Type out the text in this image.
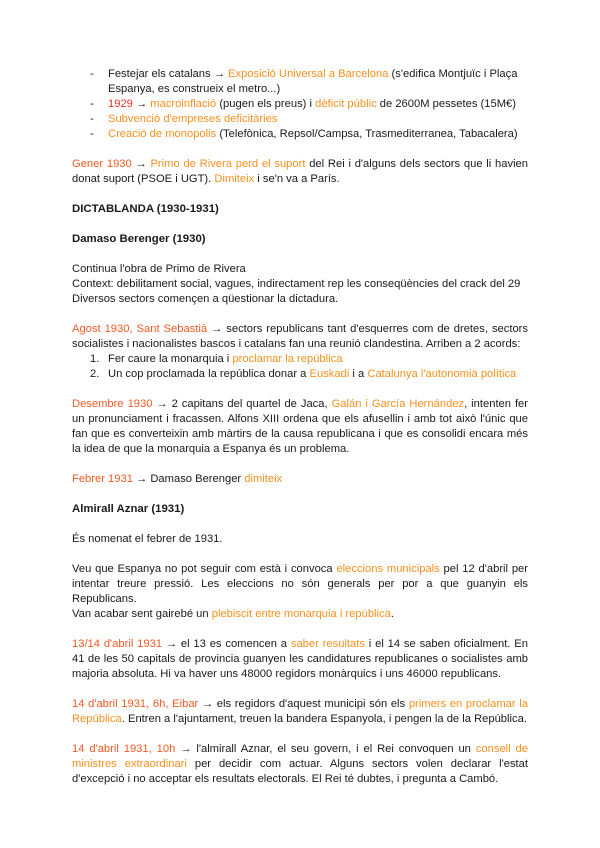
- Festejar els catalans → Exposició Universal a Barcelona (s'edifica Montjuïc i Plaça Espanya, es construeix el metro...)
- 1929 → macroinflació (pugen els preus) i dèficit públic de 2600M pessetes (15M€)
- Subvenció d'empreses deficitàries
- Creació de monopolis (Telefònica, Repsol/Campsa, Trasmediterranea, Tabacalera)

Gener 1930 → Primo de Rivera perd el suport del Rei i d'alguns dels sectors que li havien donat suport (PSOE i UGT). Dimiteix i se'n va a París.

DICTABLANDA (1930-1931)
Damaso Berenger (1930)

Continua l'obra de Primo de Rivera

Context: debilitament social, vagues, indirectament rep les conseqüències del crack del 29

Diversos sectors començen a qüestionar la dictadura.

Agost 1930, Sant Sebastià → sectors republicans tant d'esquerres com de dretes, sectors socialistes i nacionalistes bascos i catalans fan una reunió clandestina. Arriben a 2 acords:

1. Fer caure la monarquia i proclamar la república
2. Un cop proclamada la república donar a Euskadi i a Catalunya l'autonomia política

Desembre 1930 → 2 capitans del quartel de Jaca, Galán i García Hernández, intenten fer un pronunciament i fracassen. Alfons XIII ordena que els afusellin i amb tot això l'únic que fan que es converteixin amb màrtirs de la causa republicana i que es consolidi encara més la idea de que la monarquia a Espanya és un problema.

Febrer 1931 → Damaso Berenger dimiteix

Almirall Aznar (1931)

És nomenat el febrer de 1931.

Veu que Espanya no pot seguir com està i convoca eleccions municipals pel 12 d'abril per intentar treure pressió. Les eleccions no són generals per por a que guanyin els Republicans.

Van acabar sent gairebé un plebiscit entre monarquia i república.

13/14 d'abril 1931 → el 13 es comencen a saber resultats i el 14 se saben oficialment. En 41 de les 50 capitals de provincia guanyen les candidatures republicanes o socialistes amb majoria absoluta. Hi va haver uns 48000 regidors monàrquics i uns 46000 republicans.

14 d'abril 1931, 6h, Eibar → els regidors d'aquest municipi són els primers en proclamar la República. Entren a l'ajuntament, treuen la bandera Espanyola, i pengen la de la República.

14 d'abril 1931, 10h → l'almirall Aznar, el seu govern, i el Rei convoquen un consell de ministres extraordinari per decidir com actuar. Alguns sectors volen declarar l'estat d'excepció i no acceptar els resultats electorals. El Rei té dubtes, i pregunta a Cambó.
